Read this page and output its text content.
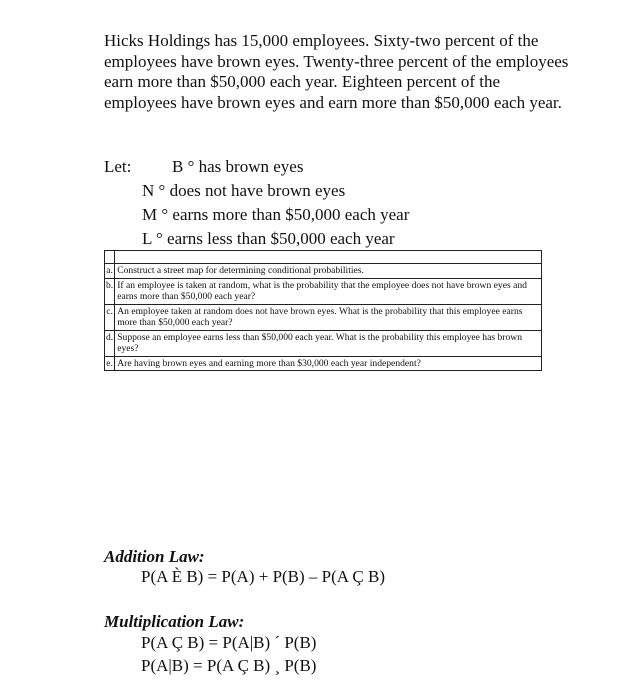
Hicks Holdings has 15,000 employees. Sixty-two percent of the employees have brown eyes. Twenty-three percent of the employees earn more than $50,000 each year. Eighteen percent of the employees have brown eyes and earn more than $50,000 each year.
Let: B ° has brown eyes
N ° does not have brown eyes
M ° earns more than $50,000 each year
L ° earns less than $50,000 each year

a.	Construct a street map for determining conditional probabilities.
b.	If an employee is taken at random, what is the probability that the employee does not have brown eyes and earns more than $50,000 each year?
c.	An employee taken at random does not have brown eyes. What is the probability that this employee earns more than $50,000 each year?
d.	Suppose an employee earns less than $50,000 each year. What is the probability this employee has brown eyes?
e.	Are having brown eyes and earning more than $30,000 each year independent?
Addition Law:
P(A È B) = P(A) + P(B) – P(A Ç B)
Multiplication Law:
P(A Ç B) = P(A|B) ´ P(B)
P(A|B) = P(A Ç B) ¸ P(B)
